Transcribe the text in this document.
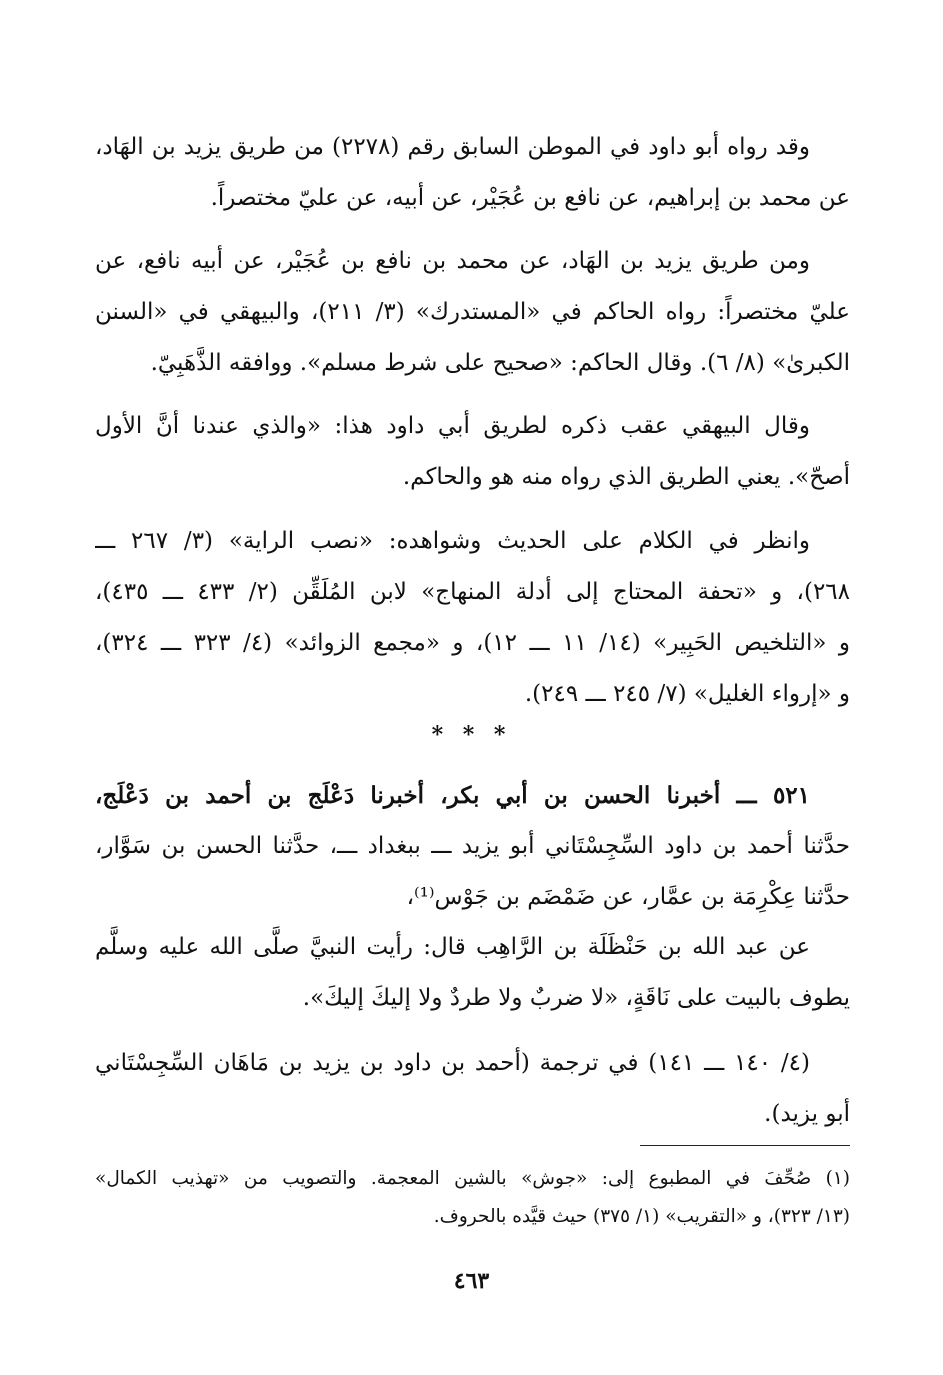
وقد رواه أبو داود في الموطن السابق رقم (٢٢٧٨) من طريق يزيد بن الهَاد،
عن محمد بن إبراهيم، عن نافع بن عُجَيْر، عن أبيه، عن عليّ مختصراً.
ومن طريق يزيد بن الهَاد، عن محمد بن نافع بن عُجَيْر، عن أبيه نافع، عن
عليّ مختصراً: رواه الحاكم في «المستدرك» (٣/ ٢١١)، والبيهقي في «السنن
الكبرىٰ» (٨/ ٦). وقال الحاكم: «صحيح على شرط مسلم». ووافقه الذَّهَبِيّ.
وقال البيهقي عقب ذكره لطريق أبي داود هذا: «والذي عندنا أنَّ الأول
أصحّ». يعني الطريق الذي رواه منه هو والحاكم.
وانظر في الكلام على الحديث وشواهده: «نصب الراية» (٣/ ٢٦٧ ـــ
٢٦٨)، و «تحفة المحتاج إلى أدلة المنهاج» لابن المُلَقِّن (٢/ ٤٣٣ ـــ ٤٣٥)،
و «التلخيص الحَبِير» (١٤/ ١١ ـــ ١٢)، و «مجمع الزوائد» (٤/ ٣٢٣ ـــ ٣٢٤)،
و «إرواء الغليل» (٧/ ٢٤٥ ـــ ٢٤٩).
* * *
٥٢١ ـــ أخبرنا الحسن بن أبي بكر، أخبرنا دَعْلَج بن أحمد بن دَعْلَج،
حدَّثنا أحمد بن داود السِّجِسْتَاني أبو يزيد ـــ ببغداد ـــ، حدَّثنا الحسن بن سَوَّار،
حدَّثنا عِكْرِمَة بن عمَّار، عن ضَمْضَم بن جَوْس⁽¹⁾،
عن عبد الله بن حَنْظَلَة بن الرَّاهِب قال: رأيت النبيَّ صلَّى الله عليه وسلَّم
يطوف بالبيت على نَاقَةٍ، «لا ضربٌ ولا طردٌ ولا إليكَ إليكَ».
(٤/ ١٤٠ ـــ ١٤١) في ترجمة (أحمد بن داود بن يزيد بن مَاهَان السِّجِسْتَاني
أبو يزيد).
(١) صُحِّفَ في المطبوع إلى: «جوش» بالشين المعجمة. والتصويب من «تهذيب الكمال»
(١٣/ ٣٢٣)، و «التقريب» (١/ ٣٧٥) حيث قيَّده بالحروف.
٤٦٣
